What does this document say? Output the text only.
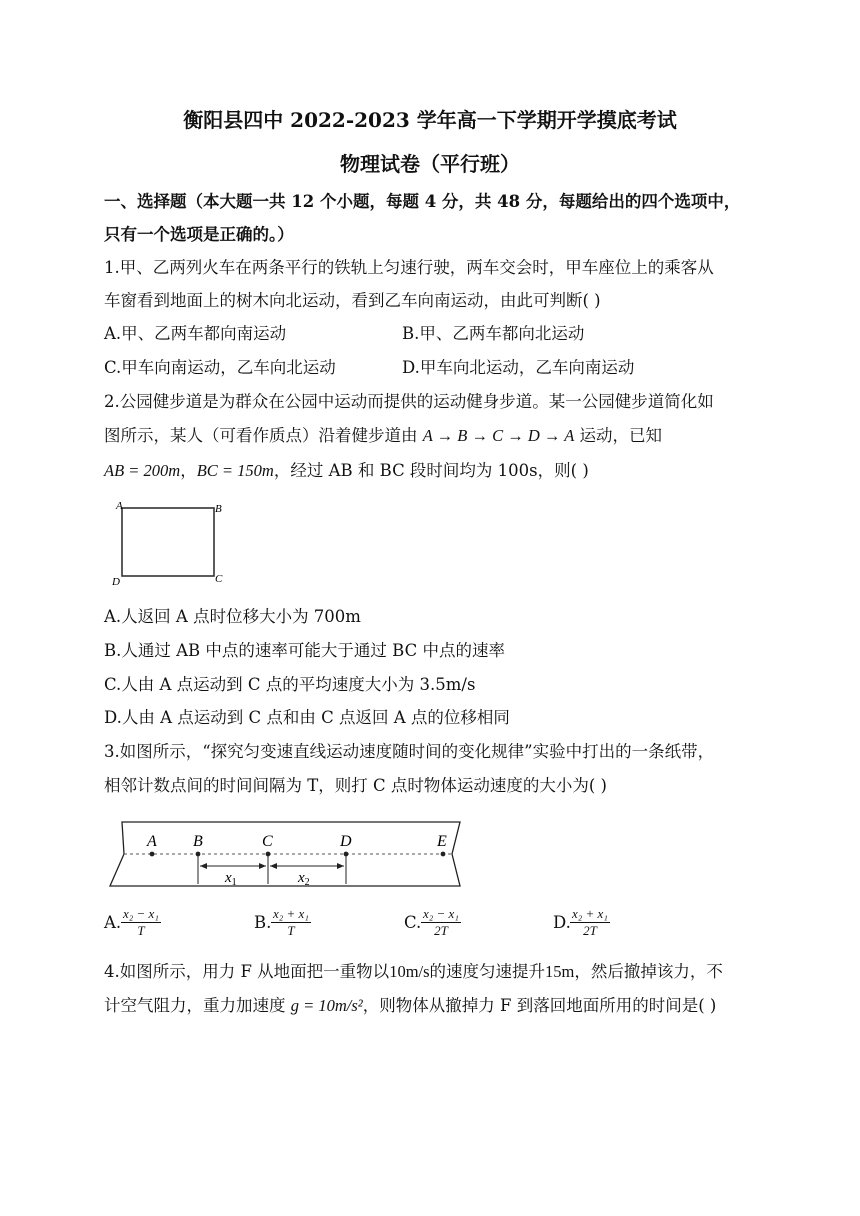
衡阳县四中 2022-2023 学年高一下学期开学摸底考试
物理试卷（平行班）
一、选择题（本大题一共 12 个小题，每题 4 分，共 48 分，每题给出的四个选项中，
只有一个选项是正确的。）
1.甲、乙两列火车在两条平行的铁轨上匀速行驶，两车交会时，甲车座位上的乘客从
车窗看到地面上的树木向北运动，看到乙车向南运动，由此可判断( )
A.甲、乙两车都向南运动	B.甲、乙两车都向北运动
C.甲车向南运动，乙车向北运动	D.甲车向北运动，乙车向南运动
2.公园健步道是为群众在公园中运动而提供的运动健身步道。某一公园健步道简化如
图所示，某人（可看作质点）沿着健步道由 A → B → C → D → A 运动，已知
AB = 200m，BC = 150m，经过 AB 和 BC 段时间均为 100s，则( )
A	B
C
D
A.人返回 A 点时位移大小为 700m
B.人通过 AB 中点的速率可能大于通过 BC 中点的速率
C.人由 A 点运动到 C 点的平均速度大小为 3.5m/s
D.人由 A 点运动到 C 点和由 C 点返回 A 点的位移相同
3.如图所示，“探究匀变速直线运动速度随时间的变化规律”实验中打出的一条纸带，
相邻计数点间的时间间隔为 T，则打 C 点时物体运动速度的大小为( )
A B	C	D	E
$x_1$	$x_2$
A. $\frac{\text{x₂ − x₁}}{T}$	B. $\frac{\text{x₂ + x₁}}{T}$	C. $\frac{\text{x₂ − x₁}}{2T}$	D. $\frac{\text{x₂ + x₁}}{2T}$
4.如图所示，用力 F 从地面把一重物以10m/s的速度匀速提升15m，然后撤掉该力，不
计空气阻力，重力加速度 g = 10m/s²，则物体从撤掉力 F 到落回地面所用的时间是( )
